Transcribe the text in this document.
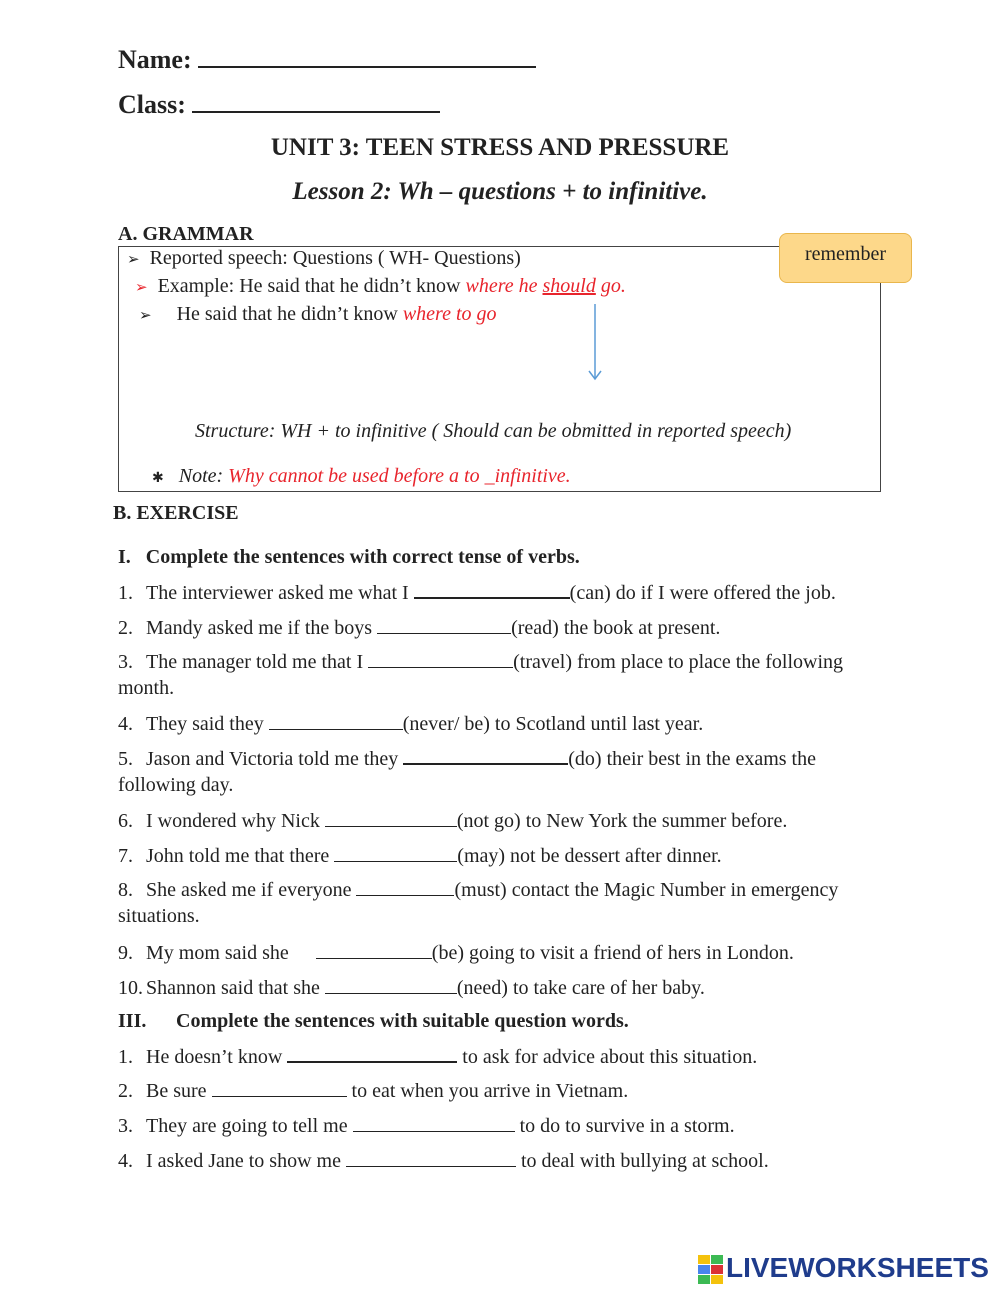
Name:
Class:
UNIT 3: TEEN STRESS AND PRESSURE
Lesson 2: Wh – questions + to infinitive.
A. GRAMMAR
remember
➢ Reported speech: Questions ( WH- Questions)
➢ Example: He said that he didn’t know where he should go.
➢ He said that he didn’t know where to go
Structure: WH + to infinitive ( Should can be obmitted in reported speech)
✱ Note: Why cannot be used before a to _infinitive.
B. EXERCISE
I. Complete the sentences with correct tense of verbs.
1. The interviewer asked me what I	(can) do if I were offered the job.
2. Mandy asked me if the boys	(read) the book at present.
3. The manager told me that I	(travel) from place to place the following
month.
4. They said they	(never/ be) to Scotland until last year.
5. Jason and Victoria told me they	(do) their best in the exams the
following day.
6. I wondered why Nick	(not go) to New York the summer before.
7. John told me that there	(may) not be dessert after dinner.
8. She asked me if everyone	(must) contact the Magic Number in emergency
situations.
9. My mom said she	(be) going to visit a friend of hers in London.
10. Shannon said that she	(need) to take care of her baby.
III. Complete the sentences with suitable question words.
1. He doesn’t know	to ask for advice about this situation.
2. Be sure	to eat when you arrive in Vietnam.
3. They are going to tell me	to do to survive in a storm.
4. I asked Jane to show me	to deal with bullying at school.
LIVEWORKSHEETS
